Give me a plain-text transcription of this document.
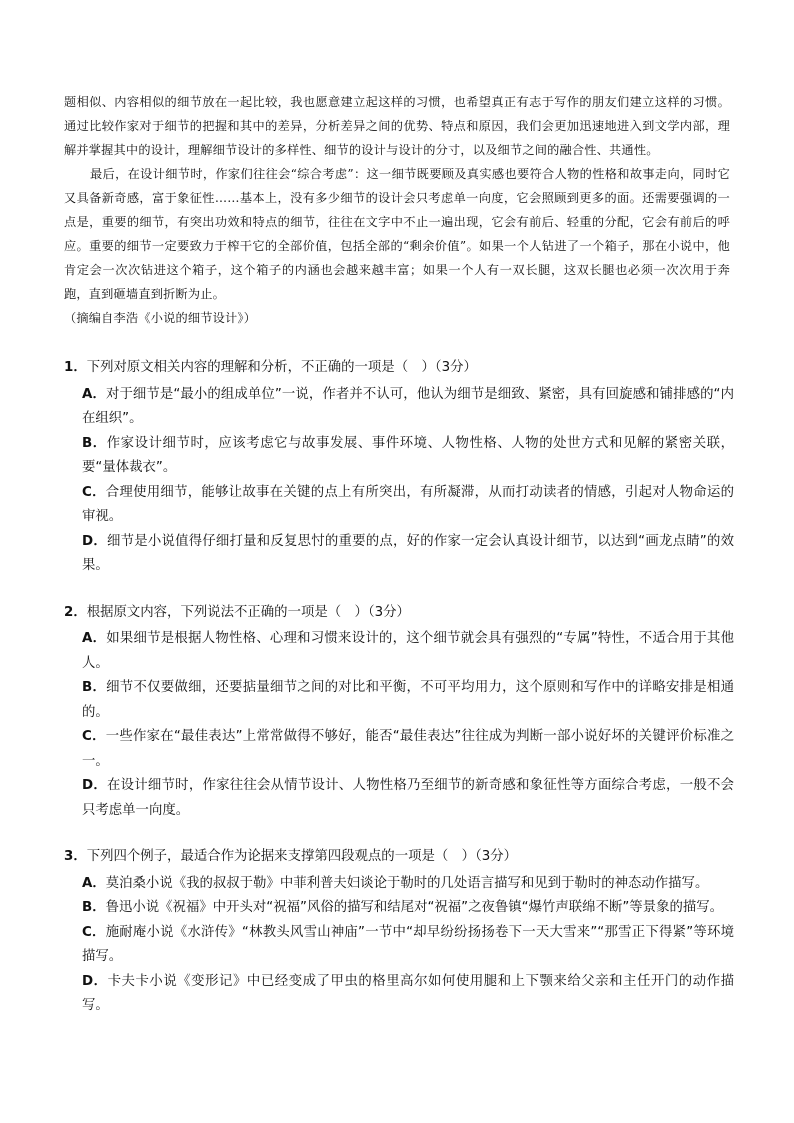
题相似、内容相似的细节放在一起比较，我也愿意建立起这样的习惯，也希望真正有志于写作的朋友们建立这样的习惯。通过比较作家对于细节的把握和其中的差异，分析差异之间的优势、特点和原因，我们会更加迅速地进入到文学内部，理解并掌握其中的设计，理解细节设计的多样性、细节的设计与设计的分寸，以及细节之间的融合性、共通性。

最后，在设计细节时，作家们往往会“综合考虑”：这一细节既要顾及真实感也要符合人物的性格和故事走向，同时它又具备新奇感，富于象征性……基本上，没有多少细节的设计会只考虑单一向度，它会照顾到更多的面。还需要强调的一点是，重要的细节，有突出功效和特点的细节，往往在文字中不止一遍出现，它会有前后、轻重的分配，它会有前后的呼应。重要的细节一定要致力于榨干它的全部价值，包括全部的“剩余价值”。如果一个人钻进了一个箱子，那在小说中，他肯定会一次次钻进这个箱子，这个箱子的内涵也会越来越丰富；如果一个人有一双长腿，这双长腿也必须一次次用于奔跑，直到砸墙直到折断为止。

（摘编自李浩《小说的细节设计》）

1．下列对原文相关内容的理解和分析，不正确的一项是（　）（3分）

A．对于细节是“最小的组成单位”一说，作者并不认可，他认为细节是细致、紧密，具有回旋感和铺排感的“内在组织”。

B．作家设计细节时，应该考虑它与故事发展、事件环境、人物性格、人物的处世方式和见解的紧密关联，要“量体裁衣”。

C．合理使用细节，能够让故事在关键的点上有所突出，有所凝滞，从而打动读者的情感，引起对人物命运的审视。

D．细节是小说值得仔细打量和反复思忖的重要的点，好的作家一定会认真设计细节，以达到“画龙点睛”的效果。

2．根据原文内容，下列说法不正确的一项是（　）（3分）

A．如果细节是根据人物性格、心理和习惯来设计的，这个细节就会具有强烈的“专属”特性，不适合用于其他人。

B．细节不仅要做细，还要掂量细节之间的对比和平衡，不可平均用力，这个原则和写作中的详略安排是相通的。

C．一些作家在“最佳表达”上常常做得不够好，能否“最佳表达”往往成为判断一部小说好坏的关键评价标准之一。

D．在设计细节时，作家往往会从情节设计、人物性格乃至细节的新奇感和象征性等方面综合考虑，一般不会只考虑单一向度。

3．下列四个例子，最适合作为论据来支撑第四段观点的一项是（　）（3分）

A．莫泊桑小说《我的叔叔于勒》中菲利普夫妇谈论于勒时的几处语言描写和见到于勒时的神态动作描写。

B．鲁迅小说《祝福》中开头对“祝福”风俗的描写和结尾对“祝福”之夜鲁镇“爆竹声联绵不断”等景象的描写。

C．施耐庵小说《水浒传》“林教头风雪山神庙”一节中“却早纷纷扬扬卷下一天大雪来”“那雪正下得紧”等环境描写。

D．卡夫卡小说《变形记》中已经变成了甲虫的格里高尔如何使用腿和上下颚来给父亲和主任开门的动作描写。
